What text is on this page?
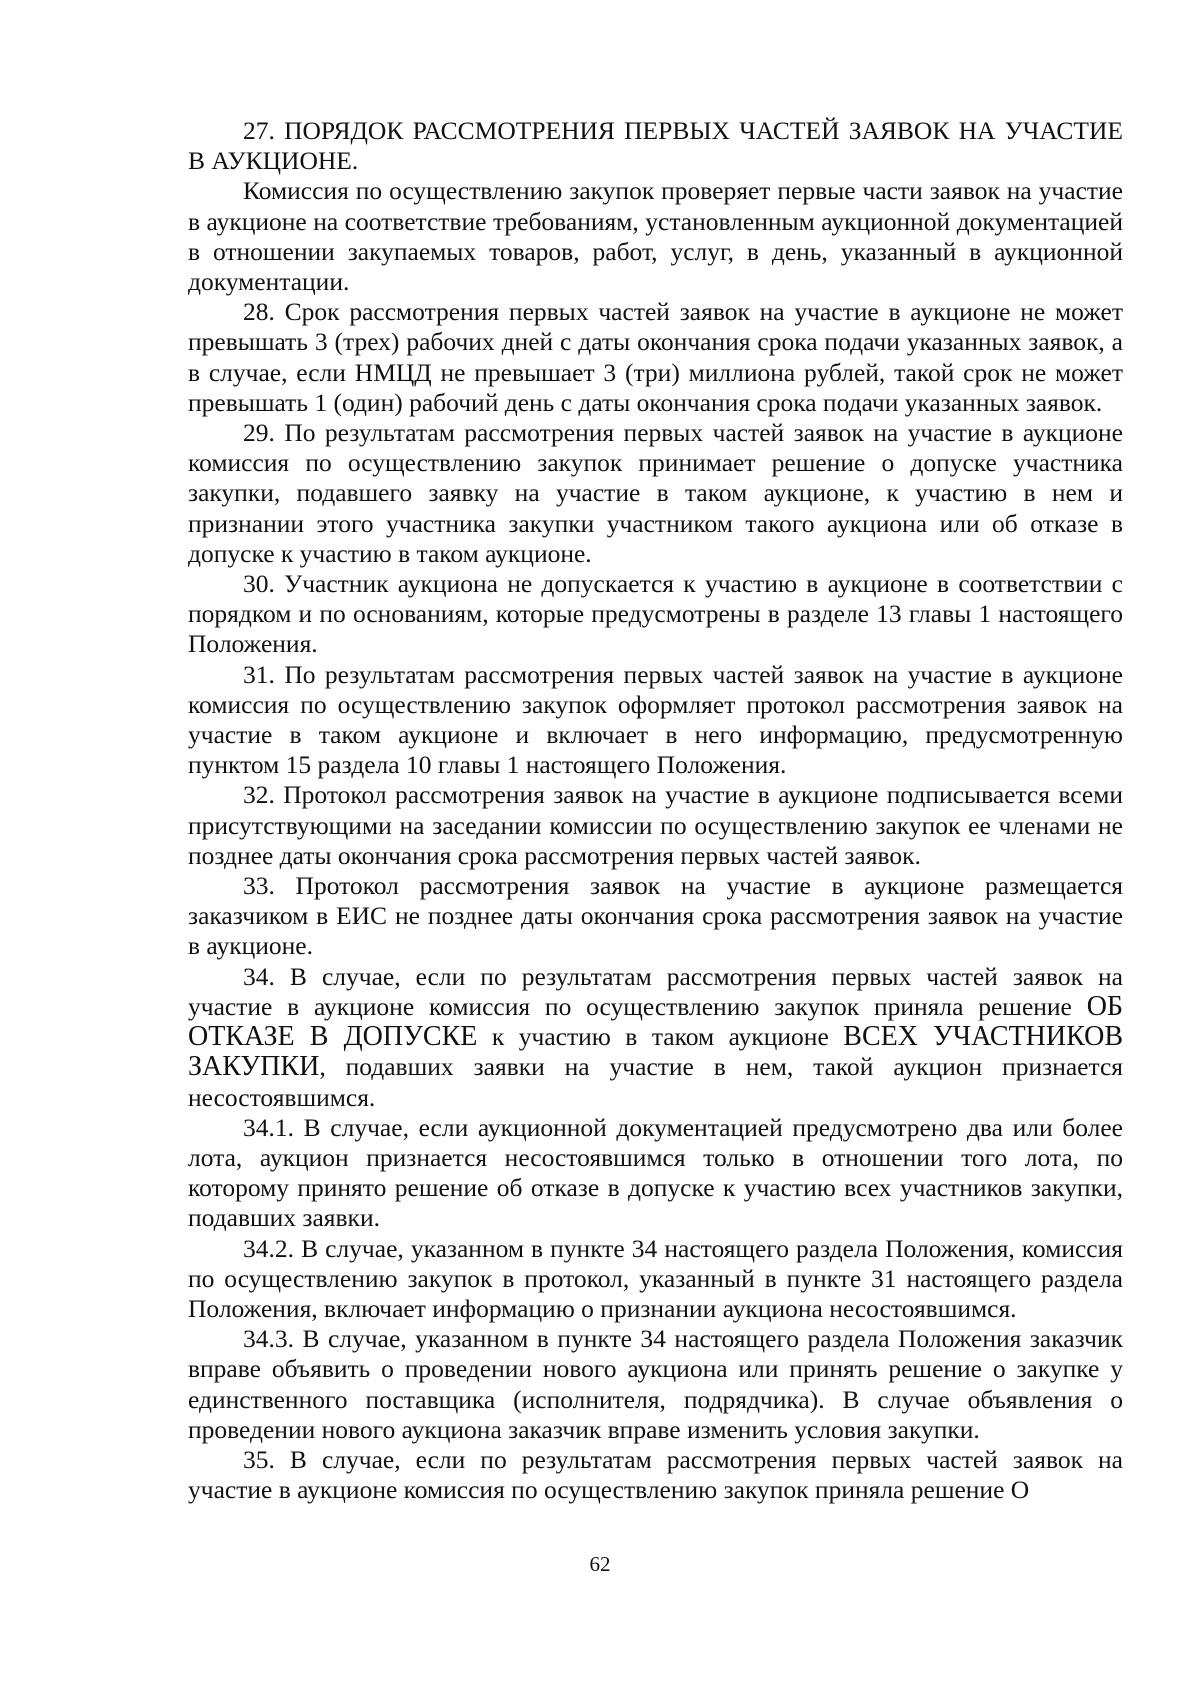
27. ПОРЯДОК РАССМОТРЕНИЯ ПЕРВЫХ ЧАСТЕЙ ЗАЯВОК НА УЧАСТИЕ В АУКЦИОНЕ.

Комиссия по осуществлению закупок проверяет первые части заявок на участие в аукционе на соответствие требованиям, установленным аукционной документацией в отношении закупаемых товаров, работ, услуг, в день, указанный в аукционной документации.

28. Срок рассмотрения первых частей заявок на участие в аукционе не может превышать 3 (трех) рабочих дней с даты окончания срока подачи указанных заявок, а в случае, если НМЦД не превышает 3 (три) миллиона рублей, такой срок не может превышать 1 (один) рабочий день с даты окончания срока подачи указанных заявок.

29. По результатам рассмотрения первых частей заявок на участие в аукционе комиссия по осуществлению закупок принимает решение о допуске участника закупки, подавшего заявку на участие в таком аукционе, к участию в нем и признании этого участника закупки участником такого аукциона или об отказе в допуске к участию в таком аукционе.

30. Участник аукциона не допускается к участию в аукционе в соответствии с порядком и по основаниям, которые предусмотрены в разделе 13 главы 1 настоящего Положения.

31. По результатам рассмотрения первых частей заявок на участие в аукционе комиссия по осуществлению закупок оформляет протокол рассмотрения заявок на участие в таком аукционе и включает в него информацию, предусмотренную пунктом 15 раздела 10 главы 1 настоящего Положения.

32. Протокол рассмотрения заявок на участие в аукционе подписывается всеми присутствующими на заседании комиссии по осуществлению закупок ее членами не позднее даты окончания срока рассмотрения первых частей заявок.

33. Протокол рассмотрения заявок на участие в аукционе размещается заказчиком в ЕИС не позднее даты окончания срока рассмотрения заявок на участие в аукционе.

34. В случае, если по результатам рассмотрения первых частей заявок на участие в аукционе комиссия по осуществлению закупок приняла решение ОБ ОТКАЗЕ В ДОПУСКЕ к участию в таком аукционе ВСЕХ УЧАСТНИКОВ ЗАКУПКИ, подавших заявки на участие в нем, такой аукцион признается несостоявшимся.

34.1. В случае, если аукционной документацией предусмотрено два или более лота, аукцион признается несостоявшимся только в отношении того лота, по которому принято решение об отказе в допуске к участию всех участников закупки, подавших заявки.

34.2. В случае, указанном в пункте 34 настоящего раздела Положения, комиссия по осуществлению закупок в протокол, указанный в пункте 31 настоящего раздела Положения, включает информацию о признании аукциона несостоявшимся.

34.3. В случае, указанном в пункте 34 настоящего раздела Положения заказчик вправе объявить о проведении нового аукциона или принять решение о закупке у единственного поставщика (исполнителя, подрядчика). В случае объявления о проведении нового аукциона заказчик вправе изменить условия закупки.

35. В случае, если по результатам рассмотрения первых частей заявок на участие в аукционе комиссия по осуществлению закупок приняла решение О

62
